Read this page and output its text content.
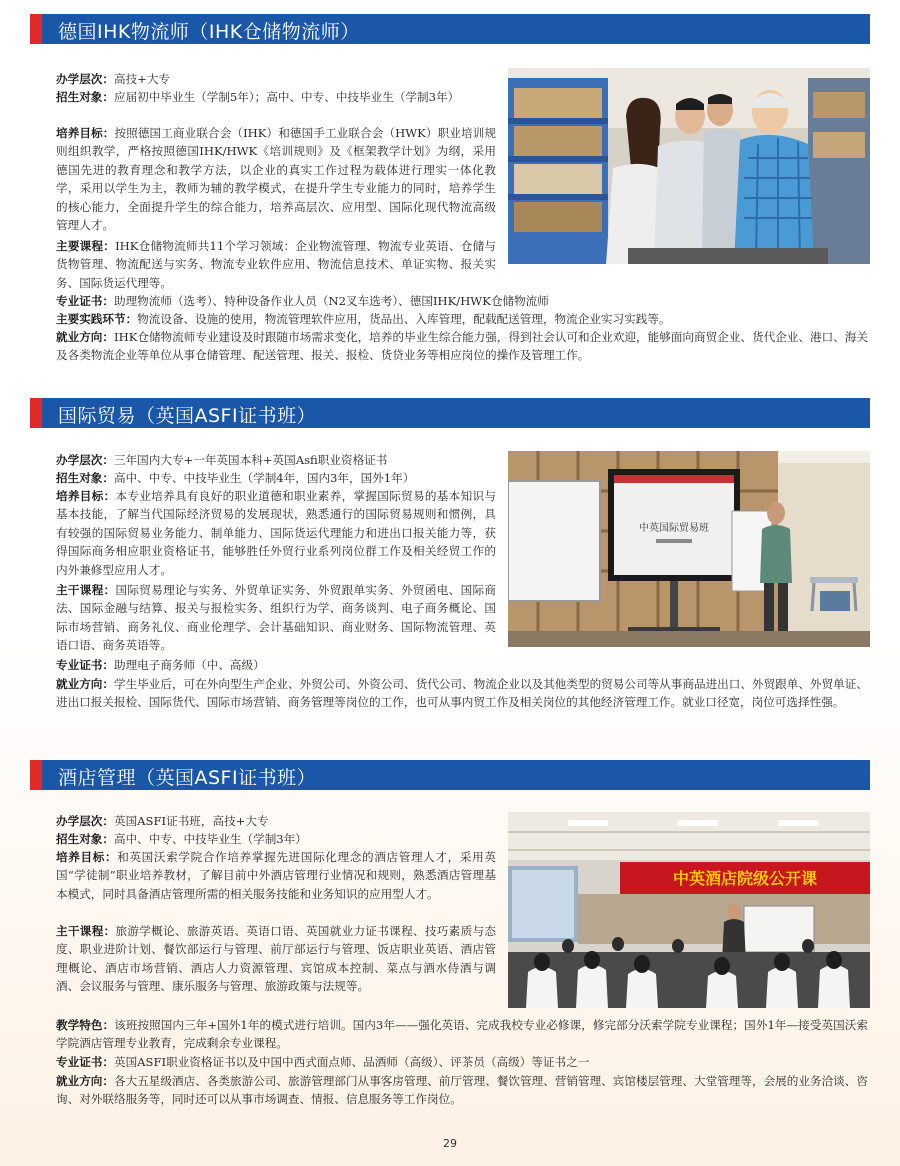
德国IHK物流师（IHK仓储物流师）
办学层次：高技+大专
招生对象：应届初中毕业生（学制5年）；高中、中专、中技毕业生（学制3年）
培养目标：按照德国工商业联合会（IHK）和德国手工业联合会（HWK）职业培训规则组织教学，严格按照德国IHK/HWK《培训规则》及《框架教学计划》为纲，采用德国先进的教育理念和教学方法，以企业的真实工作过程为载体进行理实一体化教学，采用以学生为主，教师为辅的教学模式，在提升学生专业能力的同时，培养学生的核心能力，全面提升学生的综合能力，培养高层次、应用型、国际化现代物流高级管理人才。
主要课程：IHK仓储物流师共11个学习领域：企业物流管理、物流专业英语、仓储与货物管理、物流配送与实务、物流专业软件应用、物流信息技术、单证实物、报关实务、国际货运代理等。
专业证书：助理物流师（选考）、特种设备作业人员（N2叉车选考）、德国IHK/HWK仓储物流师
主要实践环节：物流设备、设施的使用，物流管理软件应用，货品出、入库管理，配载配送管理，物流企业实习实践等。
就业方向：IHK仓储物流师专业建设及时跟随市场需求变化，培养的毕业生综合能力强，得到社会认可和企业欢迎，能够面向商贸企业、货代企业、港口、海关及各类物流企业等单位从事仓储管理、配送管理、报关、报检、货贷业务等相应岗位的操作及管理工作。
国际贸易（英国ASFI证书班）
办学层次：三年国内大专+一年英国本科+英国Asfi职业资格证书
招生对象：高中、中专、中技毕业生（学制4年，国内3年，国外1年）
培养目标：本专业培养具有良好的职业道德和职业素养，掌握国际贸易的基本知识与基本技能，了解当代国际经济贸易的发展现状，熟悉通行的国际贸易规则和惯例，具有较强的国际贸易业务能力、制单能力、国际货运代理能力和进出口报关能力等，获得国际商务相应职业资格证书，能够胜任外贸行业系列岗位群工作及相关经贸工作的内外兼修型应用人才。
主干课程：国际贸易理论与实务、外贸单证实务、外贸跟单实务、外贸函电、国际商法、国际金融与结算、报关与报检实务、组织行为学、商务谈判、电子商务概论、国际市场营销、商务礼仪、商业伦理学、会计基础知识、商业财务、国际物流管理、英语口语、商务英语等。
专业证书：助理电子商务师（中、高级）
就业方向：学生毕业后，可在外向型生产企业、外贸公司、外资公司、货代公司、物流企业以及其他类型的贸易公司等从事商品进出口、外贸跟单、外贸单证、进出口报关报检、国际货代、国际市场营销、商务管理等岗位的工作，也可从事内贸工作及相关岗位的其他经济管理工作。就业口径宽，岗位可选择性强。
中英国际贸易班
酒店管理（英国ASFI证书班）
办学层次：英国ASFI证书班，高技+大专
招生对象：高中、中专、中技毕业生（学制3年）
培养目标：和英国沃索学院合作培养掌握先进国际化理念的酒店管理人才，采用英国“学徒制”职业培养教材，了解目前中外酒店管理行业情况和规则，熟悉酒店管理基本模式，同时具备酒店管理所需的相关服务技能和业务知识的应用型人才。
主干课程：旅游学概论、旅游英语、英语口语、英国就业力证书课程、技巧素质与态度、职业进阶计划、餐饮部运行与管理、前厅部运行与管理、饭店职业英语、酒店管理概论、酒店市场营销、酒店人力资源管理、宾馆成本控制、菜点与酒水侍酒与调酒、会议服务与管理、康乐服务与管理、旅游政策与法规等。
教学特色：该班按照国内三年+国外1年的模式进行培训。国内3年——强化英语、完成我校专业必修课，修完部分沃索学院专业课程；国外1年—接受英国沃索学院酒店管理专业教育，完成剩余专业课程。
专业证书：英国ASFI职业资格证书以及中国中西式面点师、品酒师（高级）、评茶员（高级）等证书之一
就业方向：各大五星级酒店、各类旅游公司、旅游管理部门从事客房管理、前厅管理、餐饮管理、营销管理、宾馆楼层管理、大堂管理等，会展的业务洽谈、咨询、对外联络服务等，同时还可以从事市场调查、情报、信息服务等工作岗位。
中英酒店院级公开课
29
